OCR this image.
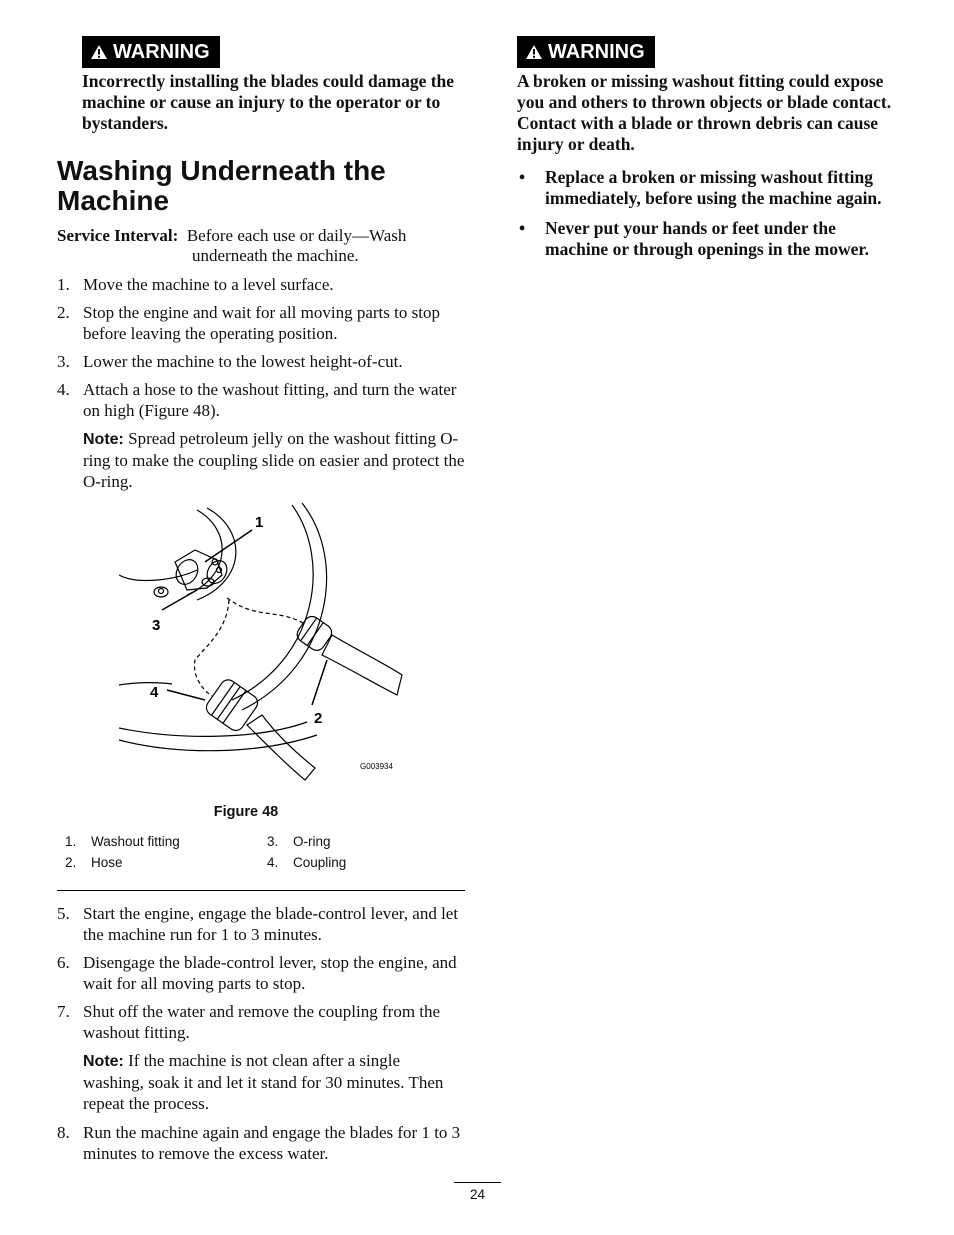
WARNING
Incorrectly installing the blades could damage the machine or cause an injury to the operator or to bystanders.
Washing Underneath the Machine
Service Interval: Before each use or daily—Wash
underneath the machine.
1. Move the machine to a level surface.
2. Stop the engine and wait for all moving parts to stop before leaving the operating position.
3. Lower the machine to the lowest height-of-cut.
4. Attach a hose to the washout fitting, and turn the water on high (Figure 48).
Note: Spread petroleum jelly on the washout fitting O-ring to make the coupling slide on easier and protect the O-ring.
1
2
3
4
G003934
Figure 48
1.	Washout fitting	3.	O-ring
2.	Hose	4.	Coupling
5. Start the engine, engage the blade-control lever, and let the machine run for 1 to 3 minutes.
6. Disengage the blade-control lever, stop the engine, and wait for all moving parts to stop.
7. Shut off the water and remove the coupling from the washout fitting.
Note: If the machine is not clean after a single washing, soak it and let it stand for 30 minutes. Then repeat the process.
8. Run the machine again and engage the blades for 1 to 3 minutes to remove the excess water.
WARNING
A broken or missing washout fitting could expose you and others to thrown objects or blade contact. Contact with a blade or thrown debris can cause injury or death.
•	Replace a broken or missing washout fitting immediately, before using the machine again.
•	Never put your hands or feet under the machine or through openings in the mower.
24
